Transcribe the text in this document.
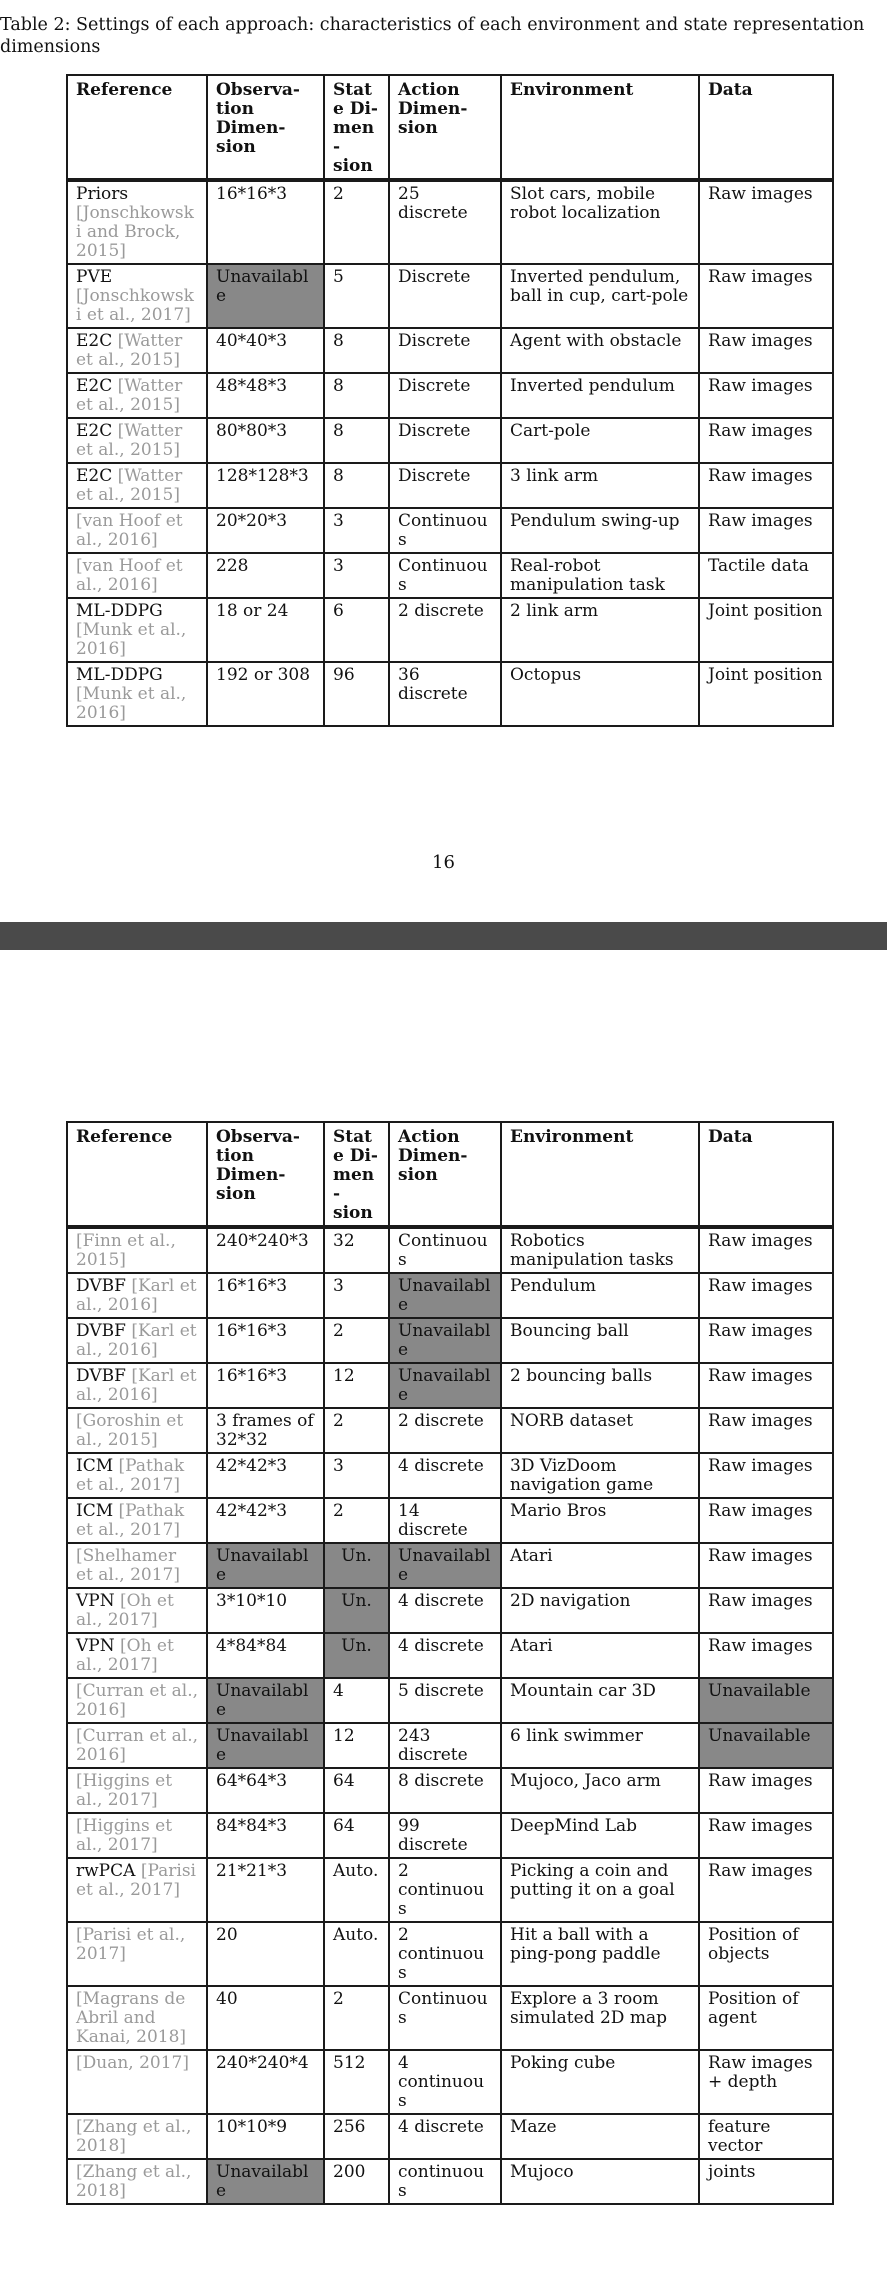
Table 2: Settings of each approach: characteristics of each environment and state representation dimensions
Reference	Observa- tion Dimen- sion	State Di- men- sion	Action Dimen- sion	Environment	Data
Priors [Jonschkowski and Brock, 2015]	16*16*3	2	25 discrete	Slot cars, mobile robot localization	Raw images
PVE [Jonschkowski et al., 2017]	Unavailable	5	Discrete	Inverted pendulum, ball in cup, cart-pole	Raw images
E2C [Watter et al., 2015]	40*40*3	8	Discrete	Agent with obstacle	Raw images
E2C [Watter et al., 2015]	48*48*3	8	Discrete	Inverted pendulum	Raw images
E2C [Watter et al., 2015]	80*80*3	8	Discrete	Cart-pole	Raw images
E2C [Watter et al., 2015]	128*128*3	8	Discrete	3 link arm	Raw images
[van Hoof et al., 2016]	20*20*3	3	Continuous	Pendulum swing-up	Raw images
[van Hoof et al., 2016]	228	3	Continuous	Real-robot manipulation task	Tactile data
ML-DDPG [Munk et al., 2016]	18 or 24	6	2 discrete	2 link arm	Joint position
ML-DDPG [Munk et al., 2016]	192 or 308	96	36 discrete	Octopus	Joint position
16
Reference	Observa- tion Dimen- sion	State Di- men- sion	Action Dimen- sion	Environment	Data
[Finn et al., 2015]	240*240*3	32	Continuous	Robotics manipulation tasks	Raw images
DVBF [Karl et al., 2016]	16*16*3	3	Unavailable	Pendulum	Raw images
DVBF [Karl et al., 2016]	16*16*3	2	Unavailable	Bouncing ball	Raw images
DVBF [Karl et al., 2016]	16*16*3	12	Unavailable	2 bouncing balls	Raw images
[Goroshin et al., 2015]	3 frames of 32*32	2	2 discrete	NORB dataset	Raw images
ICM [Pathak et al., 2017]	42*42*3	3	4 discrete	3D VizDoom navigation game	Raw images
ICM [Pathak et al., 2017]	42*42*3	2	14 discrete	Mario Bros	Raw images
[Shelhamer et al., 2017]	Unavailable	Un.	Unavailable	Atari	Raw images
VPN [Oh et al., 2017]	3*10*10	Un.	4 discrete	2D navigation	Raw images
VPN [Oh et al., 2017]	4*84*84	Un.	4 discrete	Atari	Raw images
[Curran et al., 2016]	Unavailable	4	5 discrete	Mountain car 3D	Unavailable
[Curran et al., 2016]	Unavailable	12	243 discrete	6 link swimmer	Unavailable
[Higgins et al., 2017]	64*64*3	64	8 discrete	Mujoco, Jaco arm	Raw images
[Higgins et al., 2017]	84*84*3	64	99 discrete	DeepMind Lab	Raw images
rwPCA [Parisi et al., 2017]	21*21*3	Auto.	2 continuous	Picking a coin and putting it on a goal	Raw images
[Parisi et al., 2017]	20	Auto.	2 continuous	Hit a ball with a ping-pong paddle	Position of objects
[Magrans de Abril and Kanai, 2018]	40	2	Continuous	Explore a 3 room simulated 2D map	Position of agent
[Duan, 2017]	240*240*4	512	4 continuous	Poking cube	Raw images + depth
[Zhang et al., 2018]	10*10*9	256	4 discrete	Maze	feature vector
[Zhang et al., 2018]	Unavailable	200	continuous	Mujoco	joints
